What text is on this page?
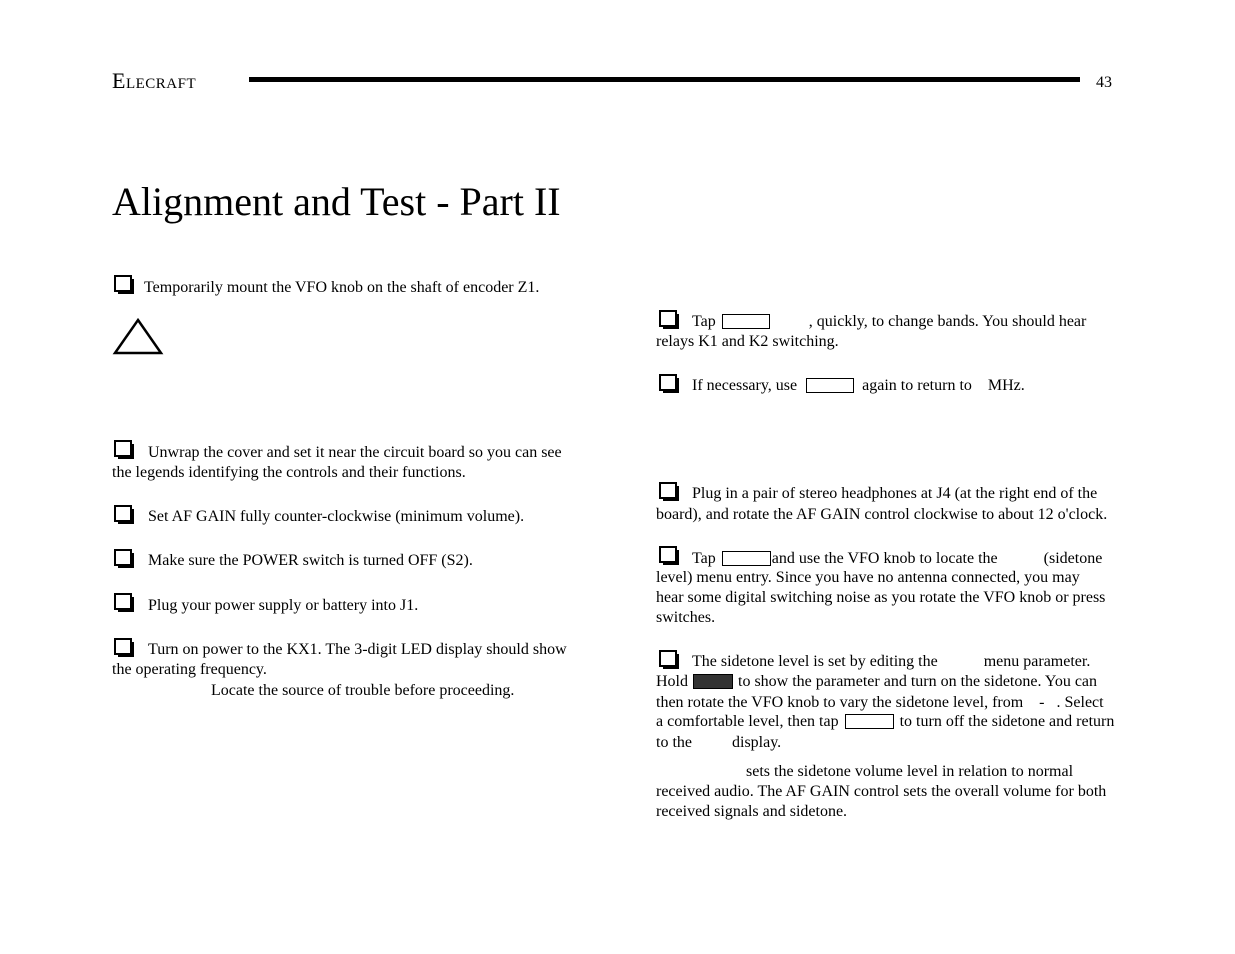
Elecraft	43
Alignment and Test - Part II
Temporarily mount the VFO knob on the shaft of encoder Z1.
Unwrap the cover and set it near the circuit board so you can see
the legends identifying the controls and their functions.
Set AF GAIN fully counter-clockwise (minimum volume).
Make sure the POWER switch is turned OFF (S2).
Plug your power supply or battery into J1.
Turn on power to the KX1. The 3-digit LED display should show
the operating frequency.
Locate the source of trouble before proceeding.
Tap	, quickly, to change bands. You should hear
relays K1 and K2 switching.
If necessary, use	again to return to MHz.
Plug in a pair of stereo headphones at J4 (at the right end of the
board), and rotate the AF GAIN control clockwise to about 12 o'clock.
Tap	and use the VFO knob to locate the	(sidetone
level) menu entry. Since you have no antenna connected, you may
hear some digital switching noise as you rotate the VFO knob or press
switches.
The sidetone level is set by editing the	menu parameter.
Hold	to show the parameter and turn on the sidetone. You can
then rotate the VFO knob to vary the sidetone level, from - . Select
a comfortable level, then tap	to turn off the sidetone and return
to the	display.
sets the sidetone volume level in relation to normal
received audio. The AF GAIN control sets the overall volume for both
received signals and sidetone.
